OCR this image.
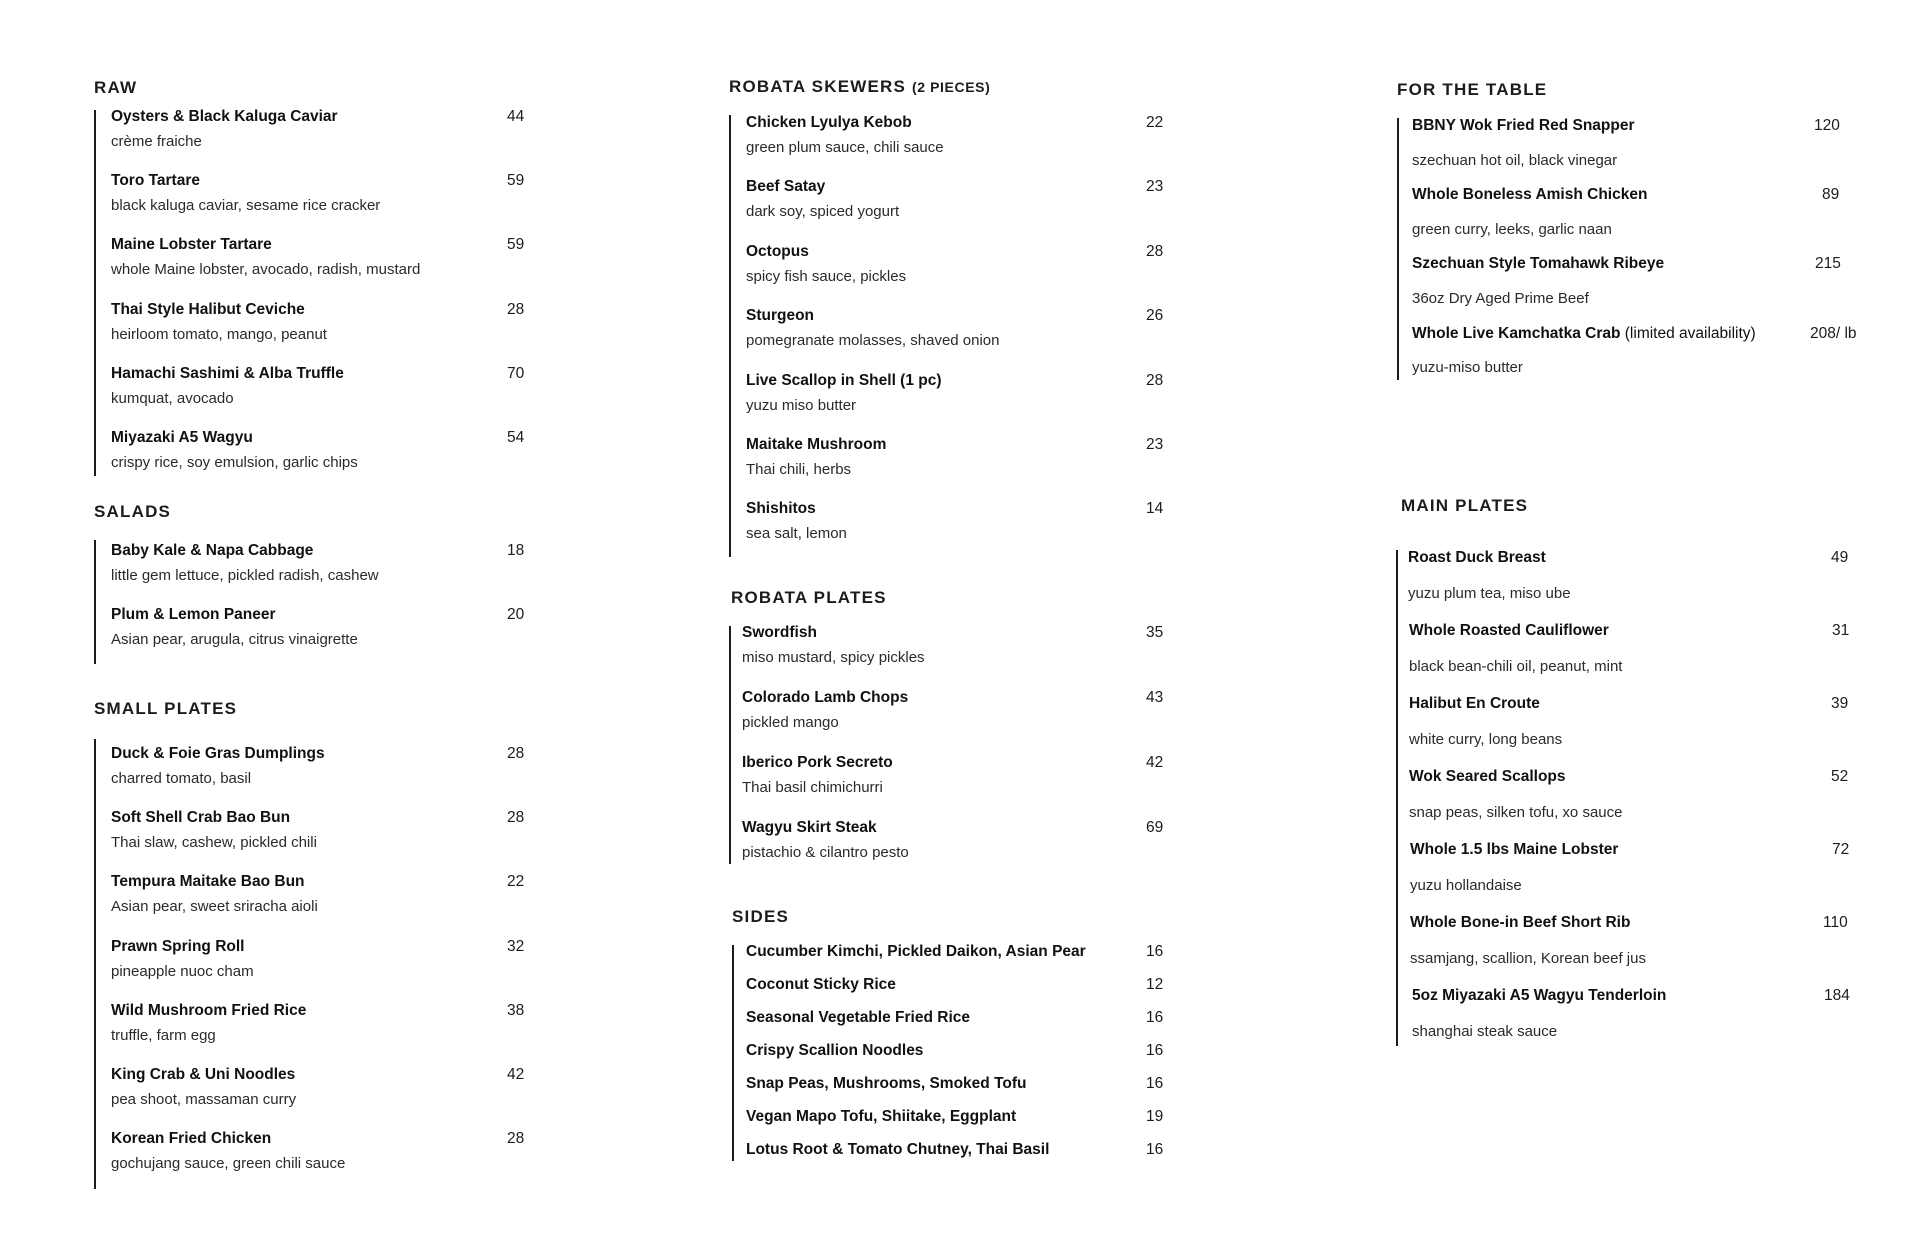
RAW
Oysters & Black Kaluga Caviar
crème fraiche
44
Toro Tartare
black kaluga caviar, sesame rice cracker
59
Maine Lobster Tartare
whole Maine lobster, avocado, radish, mustard
59
Thai Style Halibut Ceviche
heirloom tomato, mango, peanut
28
Hamachi Sashimi & Alba Truffle
kumquat, avocado
70
Miyazaki A5 Wagyu
crispy rice, soy emulsion, garlic chips
54
SALADS
Baby Kale & Napa Cabbage
little gem lettuce, pickled radish, cashew
18
Plum & Lemon Paneer
Asian pear, arugula, citrus vinaigrette
20
SMALL PLATES
Duck & Foie Gras Dumplings
charred tomato, basil
28
Soft Shell Crab Bao Bun
Thai slaw, cashew, pickled chili
28
Tempura Maitake Bao Bun
Asian pear, sweet sriracha aioli
22
Prawn Spring Roll
pineapple nuoc cham
32
Wild Mushroom Fried Rice
truffle, farm egg
38
King Crab & Uni Noodles
pea shoot, massaman curry
42
Korean Fried Chicken
gochujang sauce, green chili sauce
28
ROBATA SKEWERS (2 PIECES)
Chicken Lyulya Kebob
green plum sauce, chili sauce
22
Beef Satay
dark soy, spiced yogurt
23
Octopus
spicy fish sauce, pickles
28
Sturgeon
pomegranate molasses, shaved onion
26
Live Scallop in Shell (1 pc)
yuzu miso butter
28
Maitake Mushroom
Thai chili, herbs
23
Shishitos
sea salt, lemon
14
ROBATA PLATES
Swordfish
miso mustard, spicy pickles
35
Colorado Lamb Chops
pickled mango
43
Iberico Pork Secreto
Thai basil chimichurri
42
Wagyu Skirt Steak
pistachio & cilantro pesto
69
SIDES
Cucumber Kimchi, Pickled Daikon, Asian Pear	16
Coconut Sticky Rice	12
Seasonal Vegetable Fried Rice	16
Crispy Scallion Noodles	16
Snap Peas, Mushrooms, Smoked Tofu	16
Vegan Mapo Tofu, Shiitake, Eggplant	19
Lotus Root & Tomato Chutney, Thai Basil	16
FOR THE TABLE
BBNY Wok Fried Red Snapper
szechuan hot oil, black vinegar
120
Whole Boneless Amish Chicken
green curry, leeks, garlic naan
89
Szechuan Style Tomahawk Ribeye
36oz Dry Aged Prime Beef
215
Whole Live Kamchatka Crab (limited availability)
yuzu-miso butter
208/ lb
MAIN PLATES
Roast Duck Breast
yuzu plum tea, miso ube
49
Whole Roasted Cauliflower
black bean-chili oil, peanut, mint
31
Halibut En Croute
white curry, long beans
39
Wok Seared Scallops
snap peas, silken tofu, xo sauce
52
Whole 1.5 lbs Maine Lobster
yuzu hollandaise
72
Whole Bone-in Beef Short Rib
ssamjang, scallion, Korean beef jus
110
5oz Miyazaki A5 Wagyu Tenderloin
shanghai steak sauce
184
